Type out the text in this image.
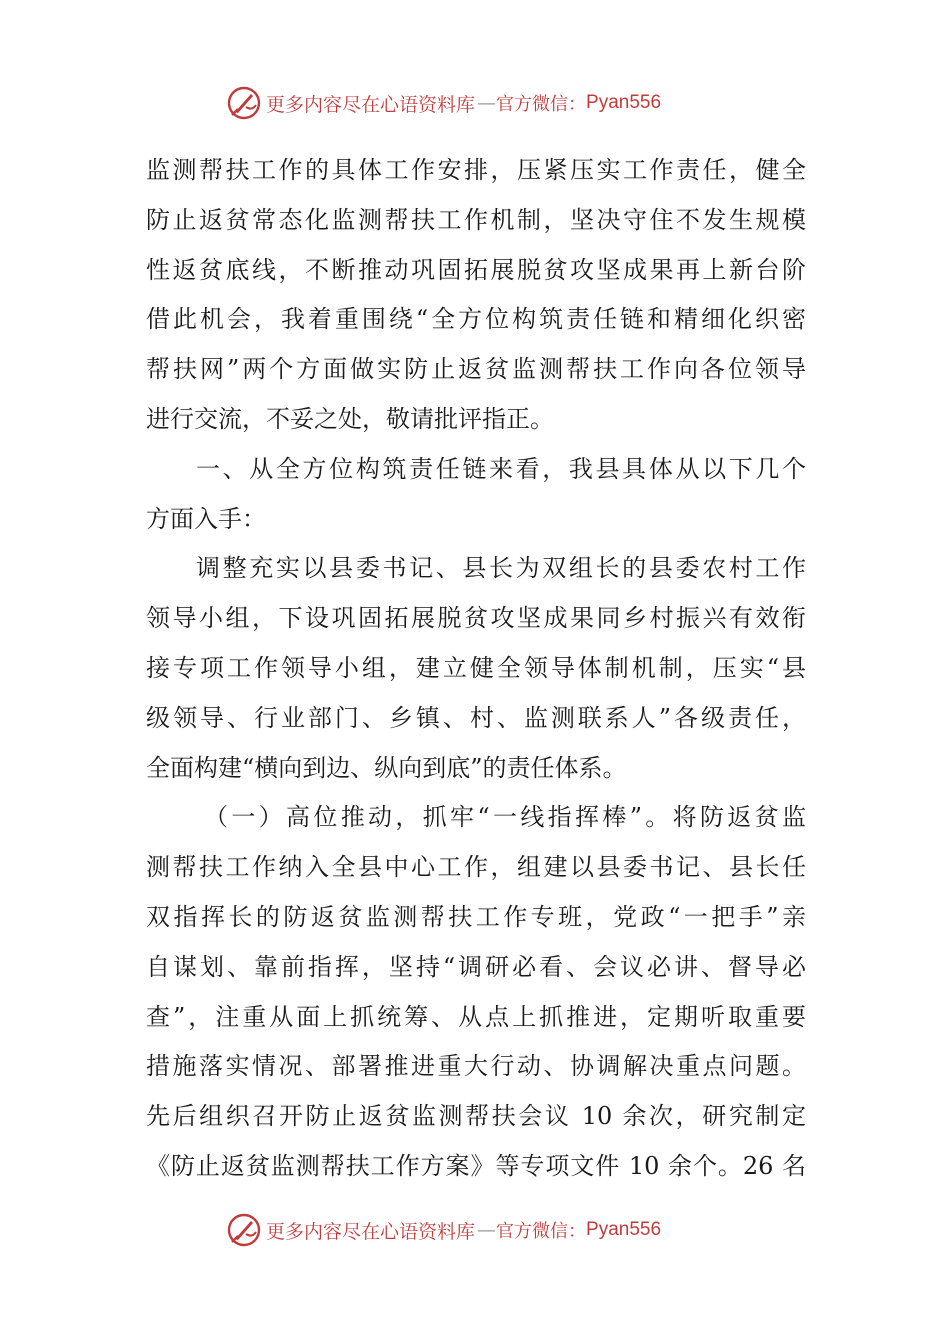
更多内容尽在心语资料库 — 官方微信： Pyan556
监测帮扶工作的具体工作安排，压紧压实工作责任，健全
防止返贫常态化监测帮扶工作机制，坚决守住不发生规模
性返贫底线，不断推动巩固拓展脱贫攻坚成果再上新台阶
借此机会，我着重围绕“全方位构筑责任链和精细化织密
帮扶网”两个方面做实防止返贫监测帮扶工作向各位领导
进行交流，不妥之处，敬请批评指正。
一、从全方位构筑责任链来看，我县具体从以下几个
方面入手：
调整充实以县委书记、县长为双组长的县委农村工作
领导小组，下设巩固拓展脱贫攻坚成果同乡村振兴有效衔
接专项工作领导小组，建立健全领导体制机制，压实“县
级领导、行业部门、乡镇、村、监测联系人”各级责任，
全面构建“横向到边、纵向到底”的责任体系。
（一）高位推动，抓牢“一线指挥棒”。将防返贫监
测帮扶工作纳入全县中心工作，组建以县委书记、县长任
双指挥长的防返贫监测帮扶工作专班，党政“一把手”亲
自谋划、靠前指挥，坚持“调研必看、会议必讲、督导必
查”，注重从面上抓统筹、从点上抓推进，定期听取重要
措施落实情况、部署推进重大行动、协调解决重点问题。
先后组织召开防止返贫监测帮扶会议 10 余次，研究制定
《防止返贫监测帮扶工作方案》等专项文件 10 余个。26 名
更多内容尽在心语资料库 — 官方微信： Pyan556
